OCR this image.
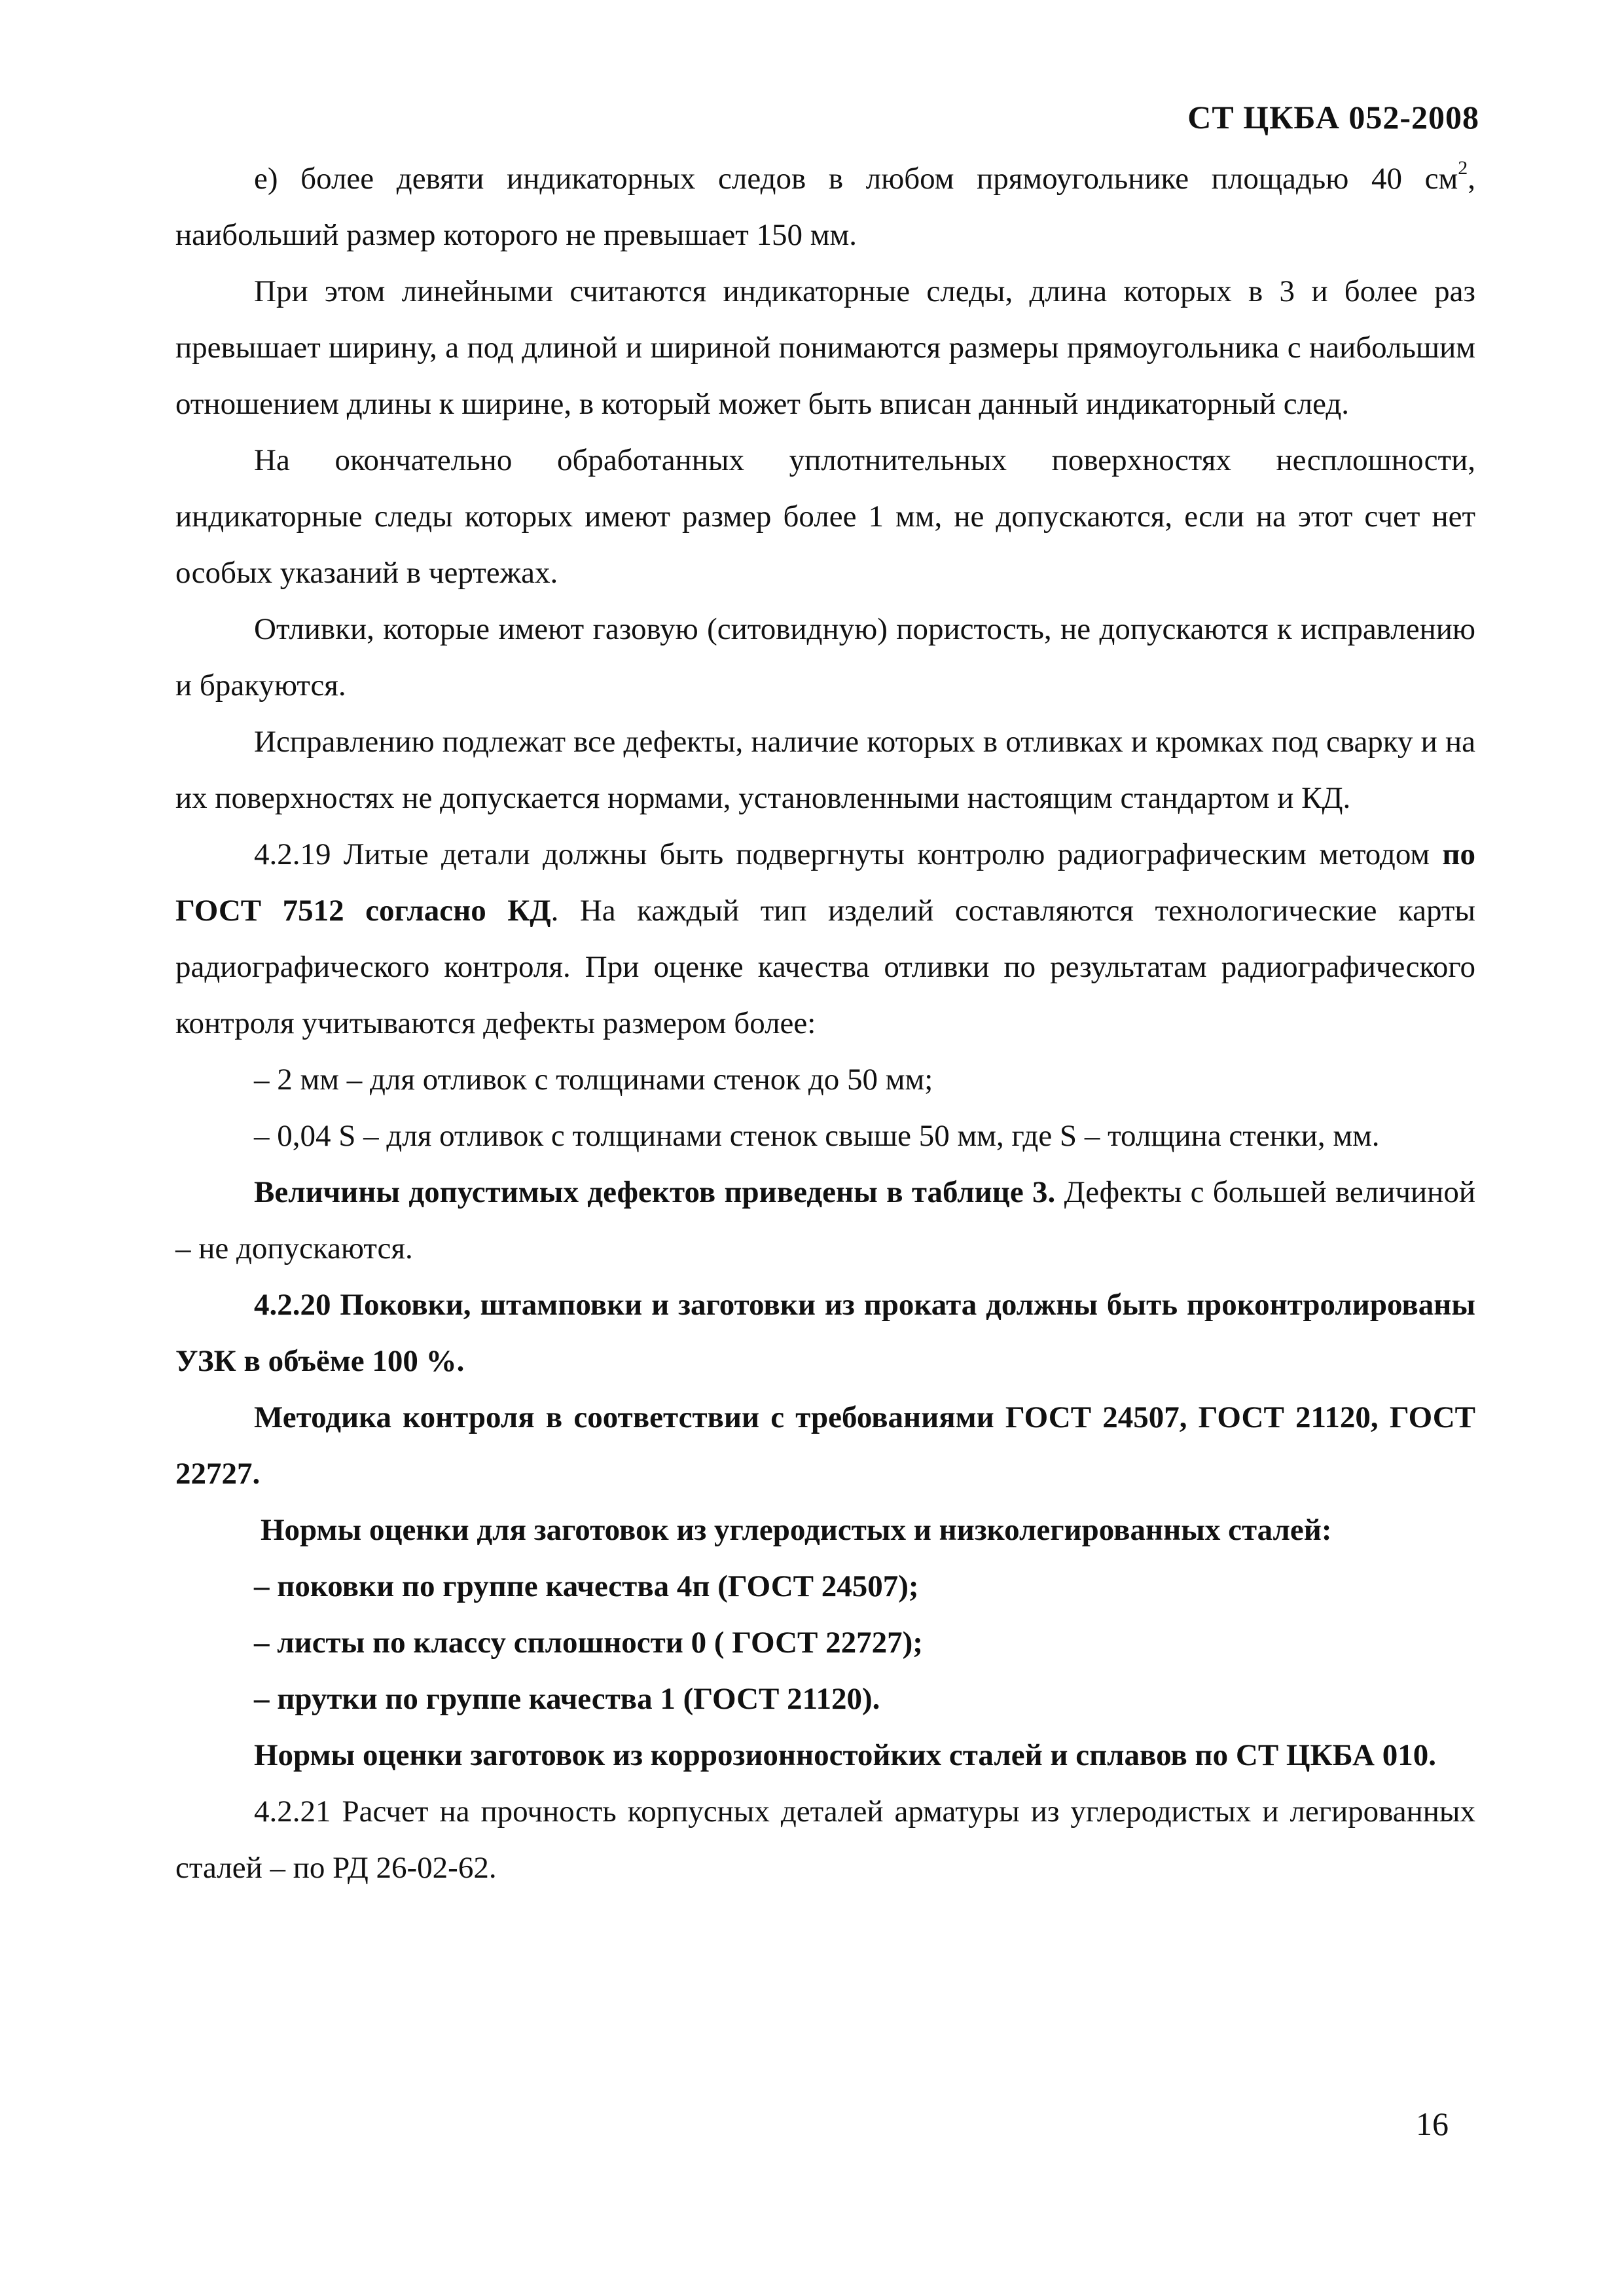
СТ ЦКБА 052-2008

е) более девяти индикаторных следов в любом прямоугольнике площадью 40 $см^2$, наибольший размер которого не превышает 150 мм.

При этом линейными считаются индикаторные следы, длина которых в 3 и более раз превышает ширину, а под длиной и шириной понимаются размеры прямоугольника с наибольшим отношением длины к ширине, в который может быть вписан данный индикаторный след.

На окончательно обработанных уплотнительных поверхностях несплошности, индикаторные следы которых имеют размер более 1 мм, не допускаются, если на этот счет нет особых указаний в чертежах.

Отливки, которые имеют газовую (ситовидную) пористость, не допускаются к исправлению и бракуются.

Исправлению подлежат все дефекты, наличие которых в отливках и кромках под сварку и на их поверхностях не допускается нормами, установленными настоящим стандартом и КД.

4.2.19 Литые детали должны быть подвергнуты контролю радиографическим методом по ГОСТ 7512 согласно КД. На каждый тип изделий составляются технологические карты радиографического контроля. При оценке качества отливки по результатам радиографического контроля учитываются дефекты размером более:

– 2 мм – для отливок с толщинами стенок до 50 мм;

– 0,04 S – для отливок с толщинами стенок свыше 50 мм, где S – толщина стенки, мм.

Величины допустимых дефектов приведены в таблице 3. Дефекты с большей величиной – не допускаются.

4.2.20 Поковки, штамповки и заготовки из проката должны быть проконтролированы УЗК в объёме 100 %.

Методика контроля в соответствии с требованиями ГОСТ 24507, ГОСТ 21120, ГОСТ 22727.

Нормы оценки для заготовок из углеродистых и низколегированных сталей:

– поковки по группе качества 4п (ГОСТ 24507);

– листы по классу сплошности 0 ( ГОСТ 22727);

– прутки по группе качества 1 (ГОСТ 21120).

Нормы оценки заготовок из коррозионностойких сталей и сплавов по СТ ЦКБА 010.

4.2.21 Расчет на прочность корпусных деталей арматуры из углеродистых и легированных сталей – по РД 26-02-62.

16
